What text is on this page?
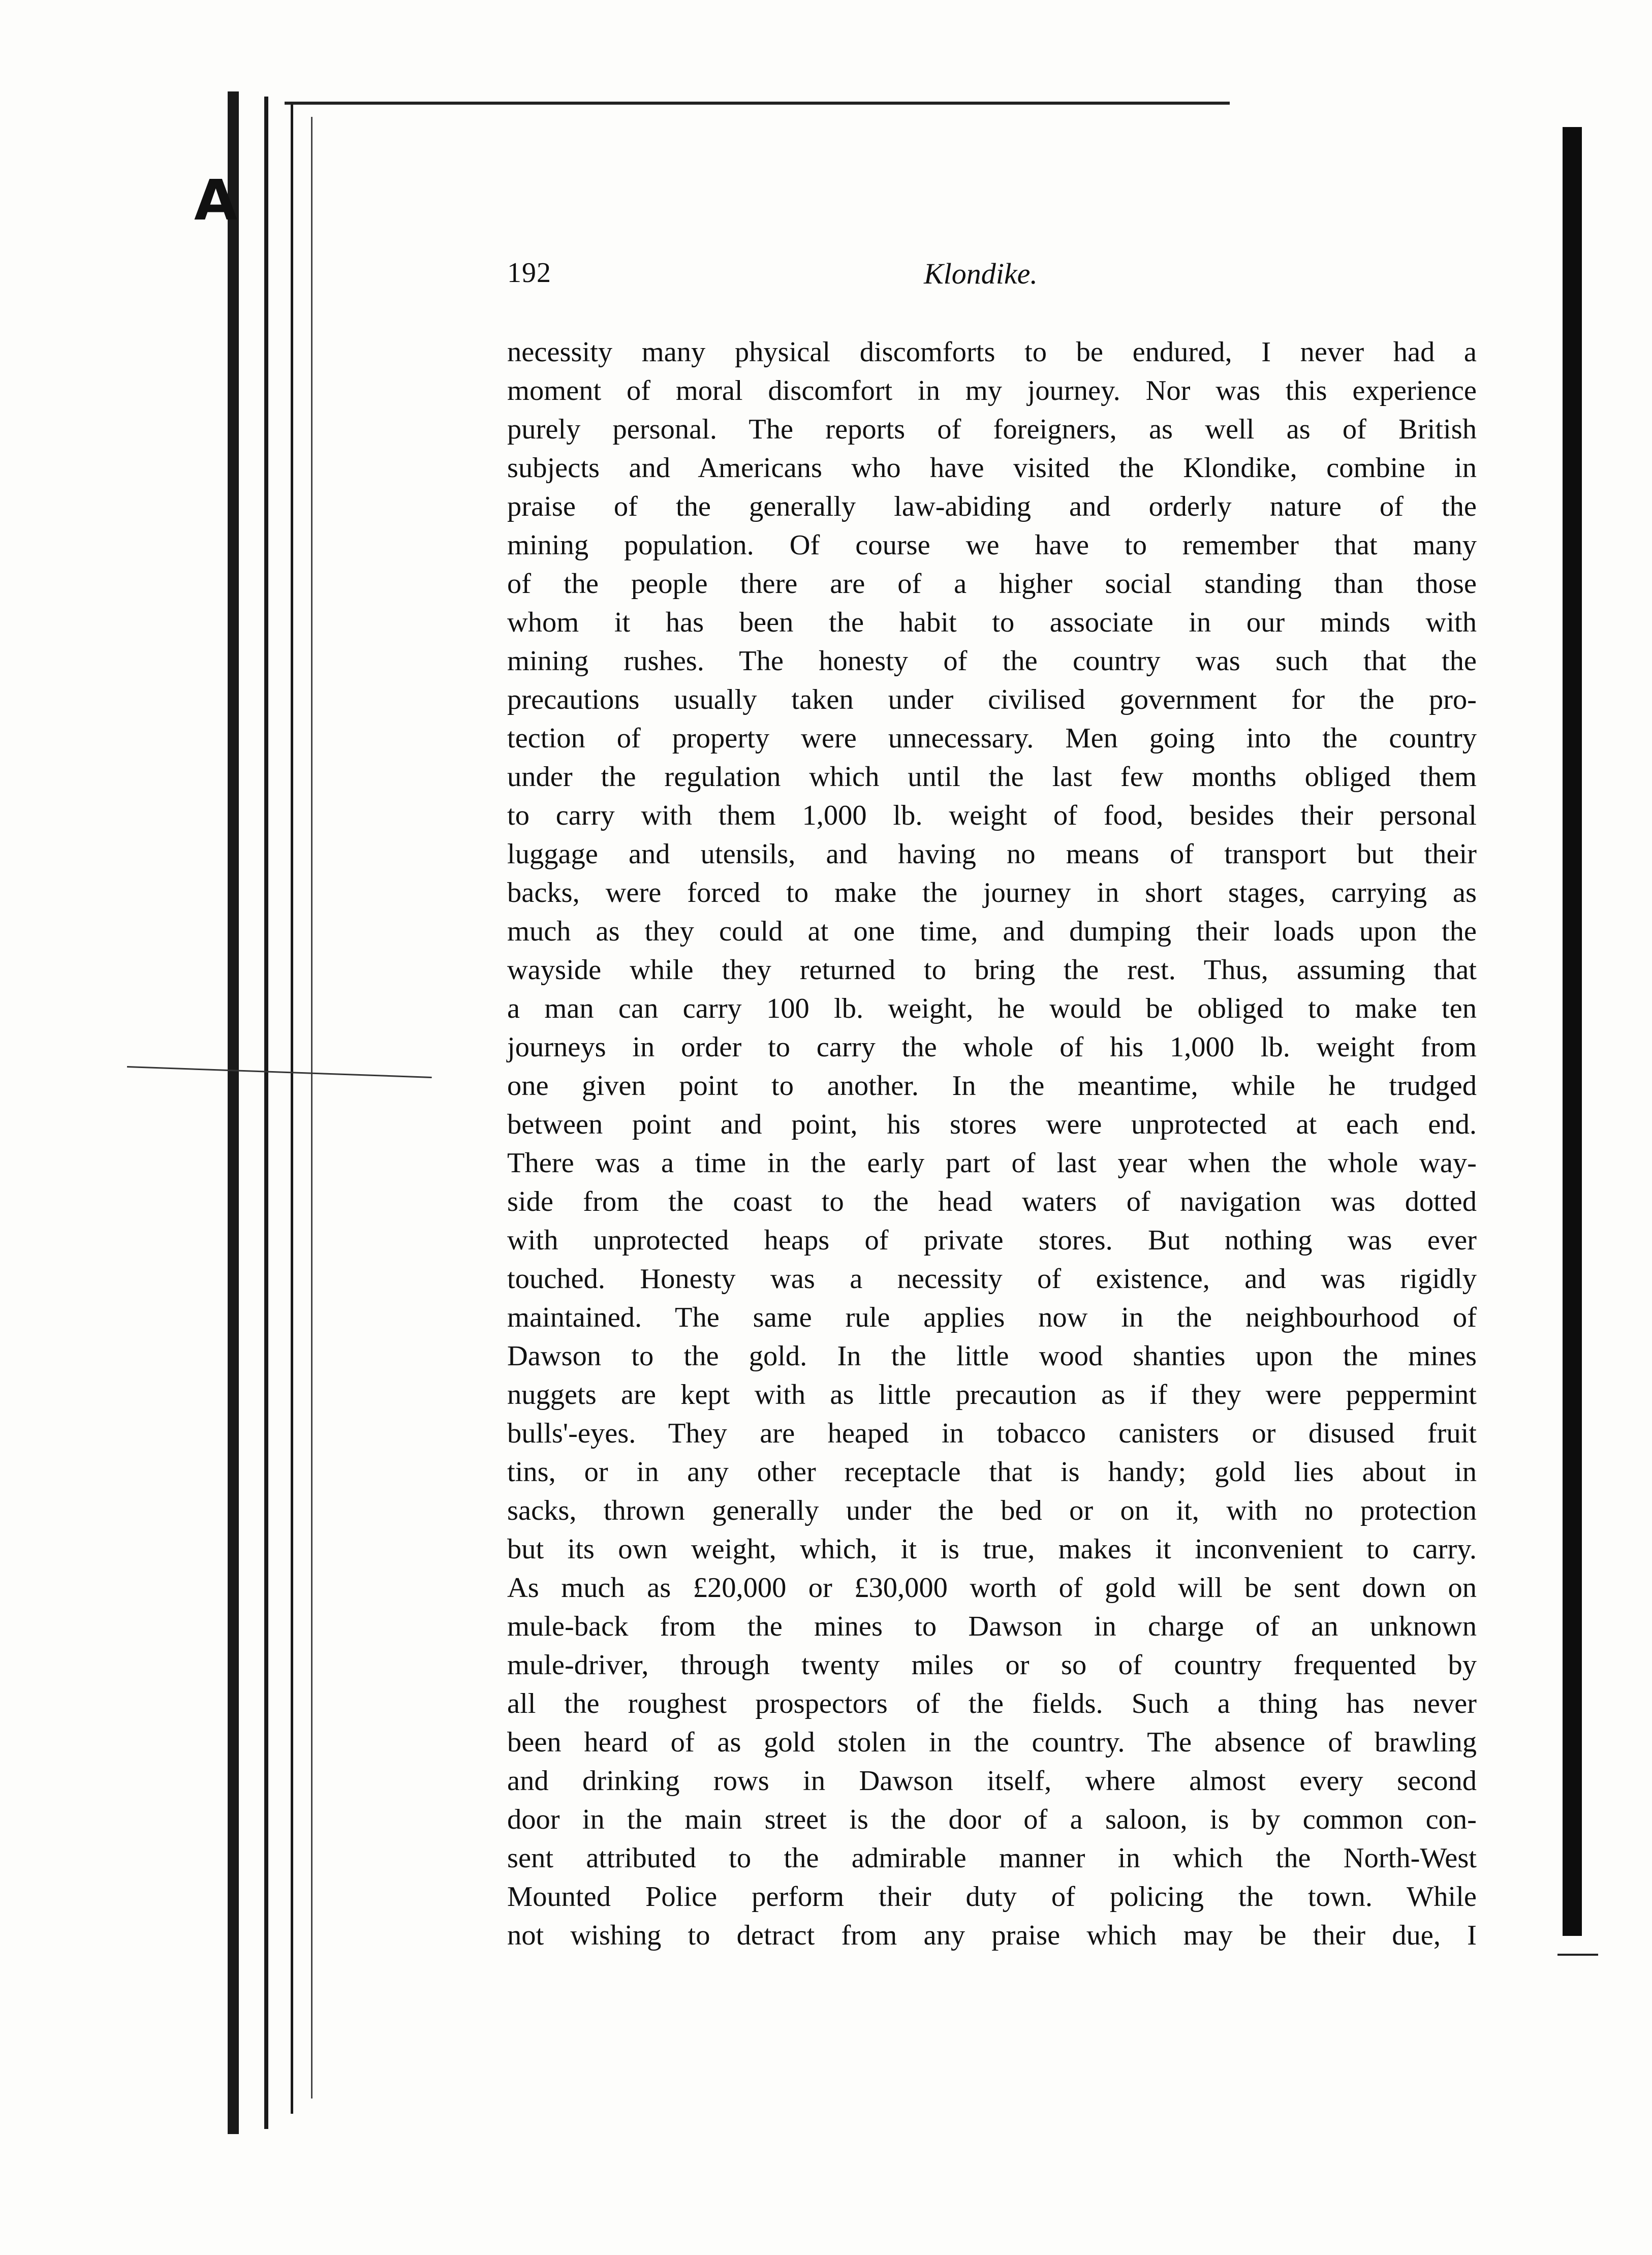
A
192	Klondike.
necessity many physical discomforts to be endured, I never had a
moment of moral discomfort in my journey. Nor was this experience
purely personal. The reports of foreigners, as well as of British
subjects and Americans who have visited the Klondike, combine in
praise of the generally law-abiding and orderly nature of the
mining population. Of course we have to remember that many
of the people there are of a higher social standing than those
whom it has been the habit to associate in our minds with
mining rushes. The honesty of the country was such that the
precautions usually taken under civilised government for the pro-
tection of property were unnecessary. Men going into the country
under the regulation which until the last few months obliged them
to carry with them 1,000 lb. weight of food, besides their personal
luggage and utensils, and having no means of transport but their
backs, were forced to make the journey in short stages, carrying as
much as they could at one time, and dumping their loads upon the
wayside while they returned to bring the rest. Thus, assuming that
a man can carry 100 lb. weight, he would be obliged to make ten
journeys in order to carry the whole of his 1,000 lb. weight from
one given point to another. In the meantime, while he trudged
between point and point, his stores were unprotected at each end.
There was a time in the early part of last year when the whole way-
side from the coast to the head waters of navigation was dotted
with unprotected heaps of private stores. But nothing was ever
touched. Honesty was a necessity of existence, and was rigidly
maintained. The same rule applies now in the neighbourhood of
Dawson to the gold. In the little wood shanties upon the mines
nuggets are kept with as little precaution as if they were peppermint
bulls'-eyes. They are heaped in tobacco canisters or disused fruit
tins, or in any other receptacle that is handy; gold lies about in
sacks, thrown generally under the bed or on it, with no protection
but its own weight, which, it is true, makes it inconvenient to carry.
As much as £20,000 or £30,000 worth of gold will be sent down on
mule-back from the mines to Dawson in charge of an unknown
mule-driver, through twenty miles or so of country frequented by
all the roughest prospectors of the fields. Such a thing has never
been heard of as gold stolen in the country. The absence of brawling
and drinking rows in Dawson itself, where almost every second
door in the main street is the door of a saloon, is by common con-
sent attributed to the admirable manner in which the North-West
Mounted Police perform their duty of policing the town. While
not wishing to detract from any praise which may be their due, I
